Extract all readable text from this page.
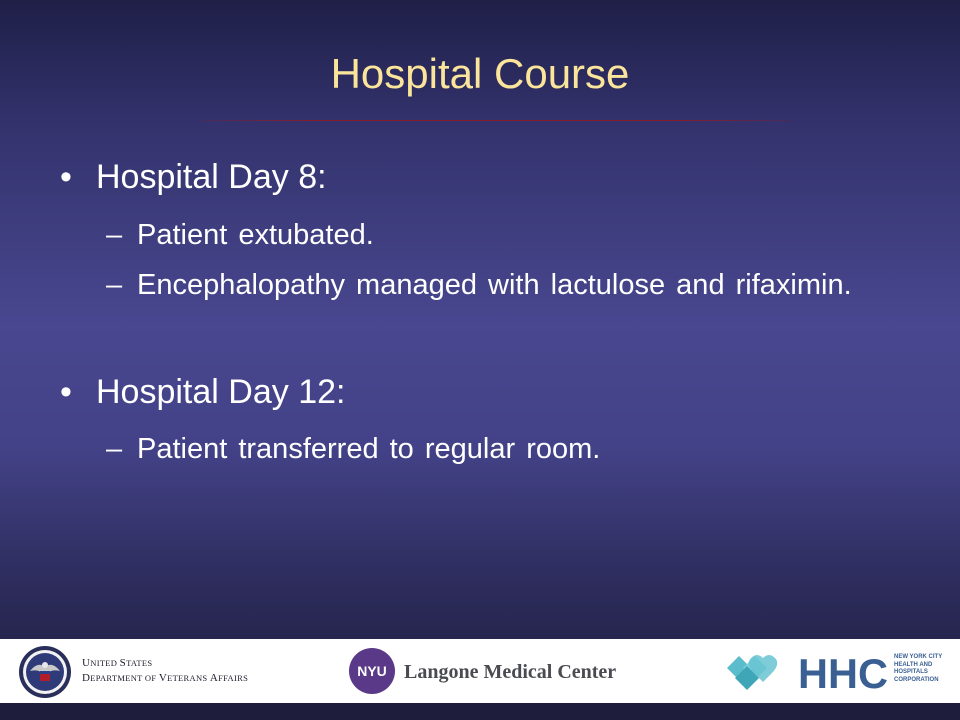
Hospital Course
• Hospital Day 8:
– Patient extubated.
– Encephalopathy managed with lactulose and rifaximin.
• Hospital Day 12:
– Patient transferred to regular room.
UNITED STATES
DEPARTMENT OF VETERANS AFFAIRS	NYU Langone Medical Center	HHC NEW YORK CITY
HEALTH AND
HOSPITALS
CORPORATION
